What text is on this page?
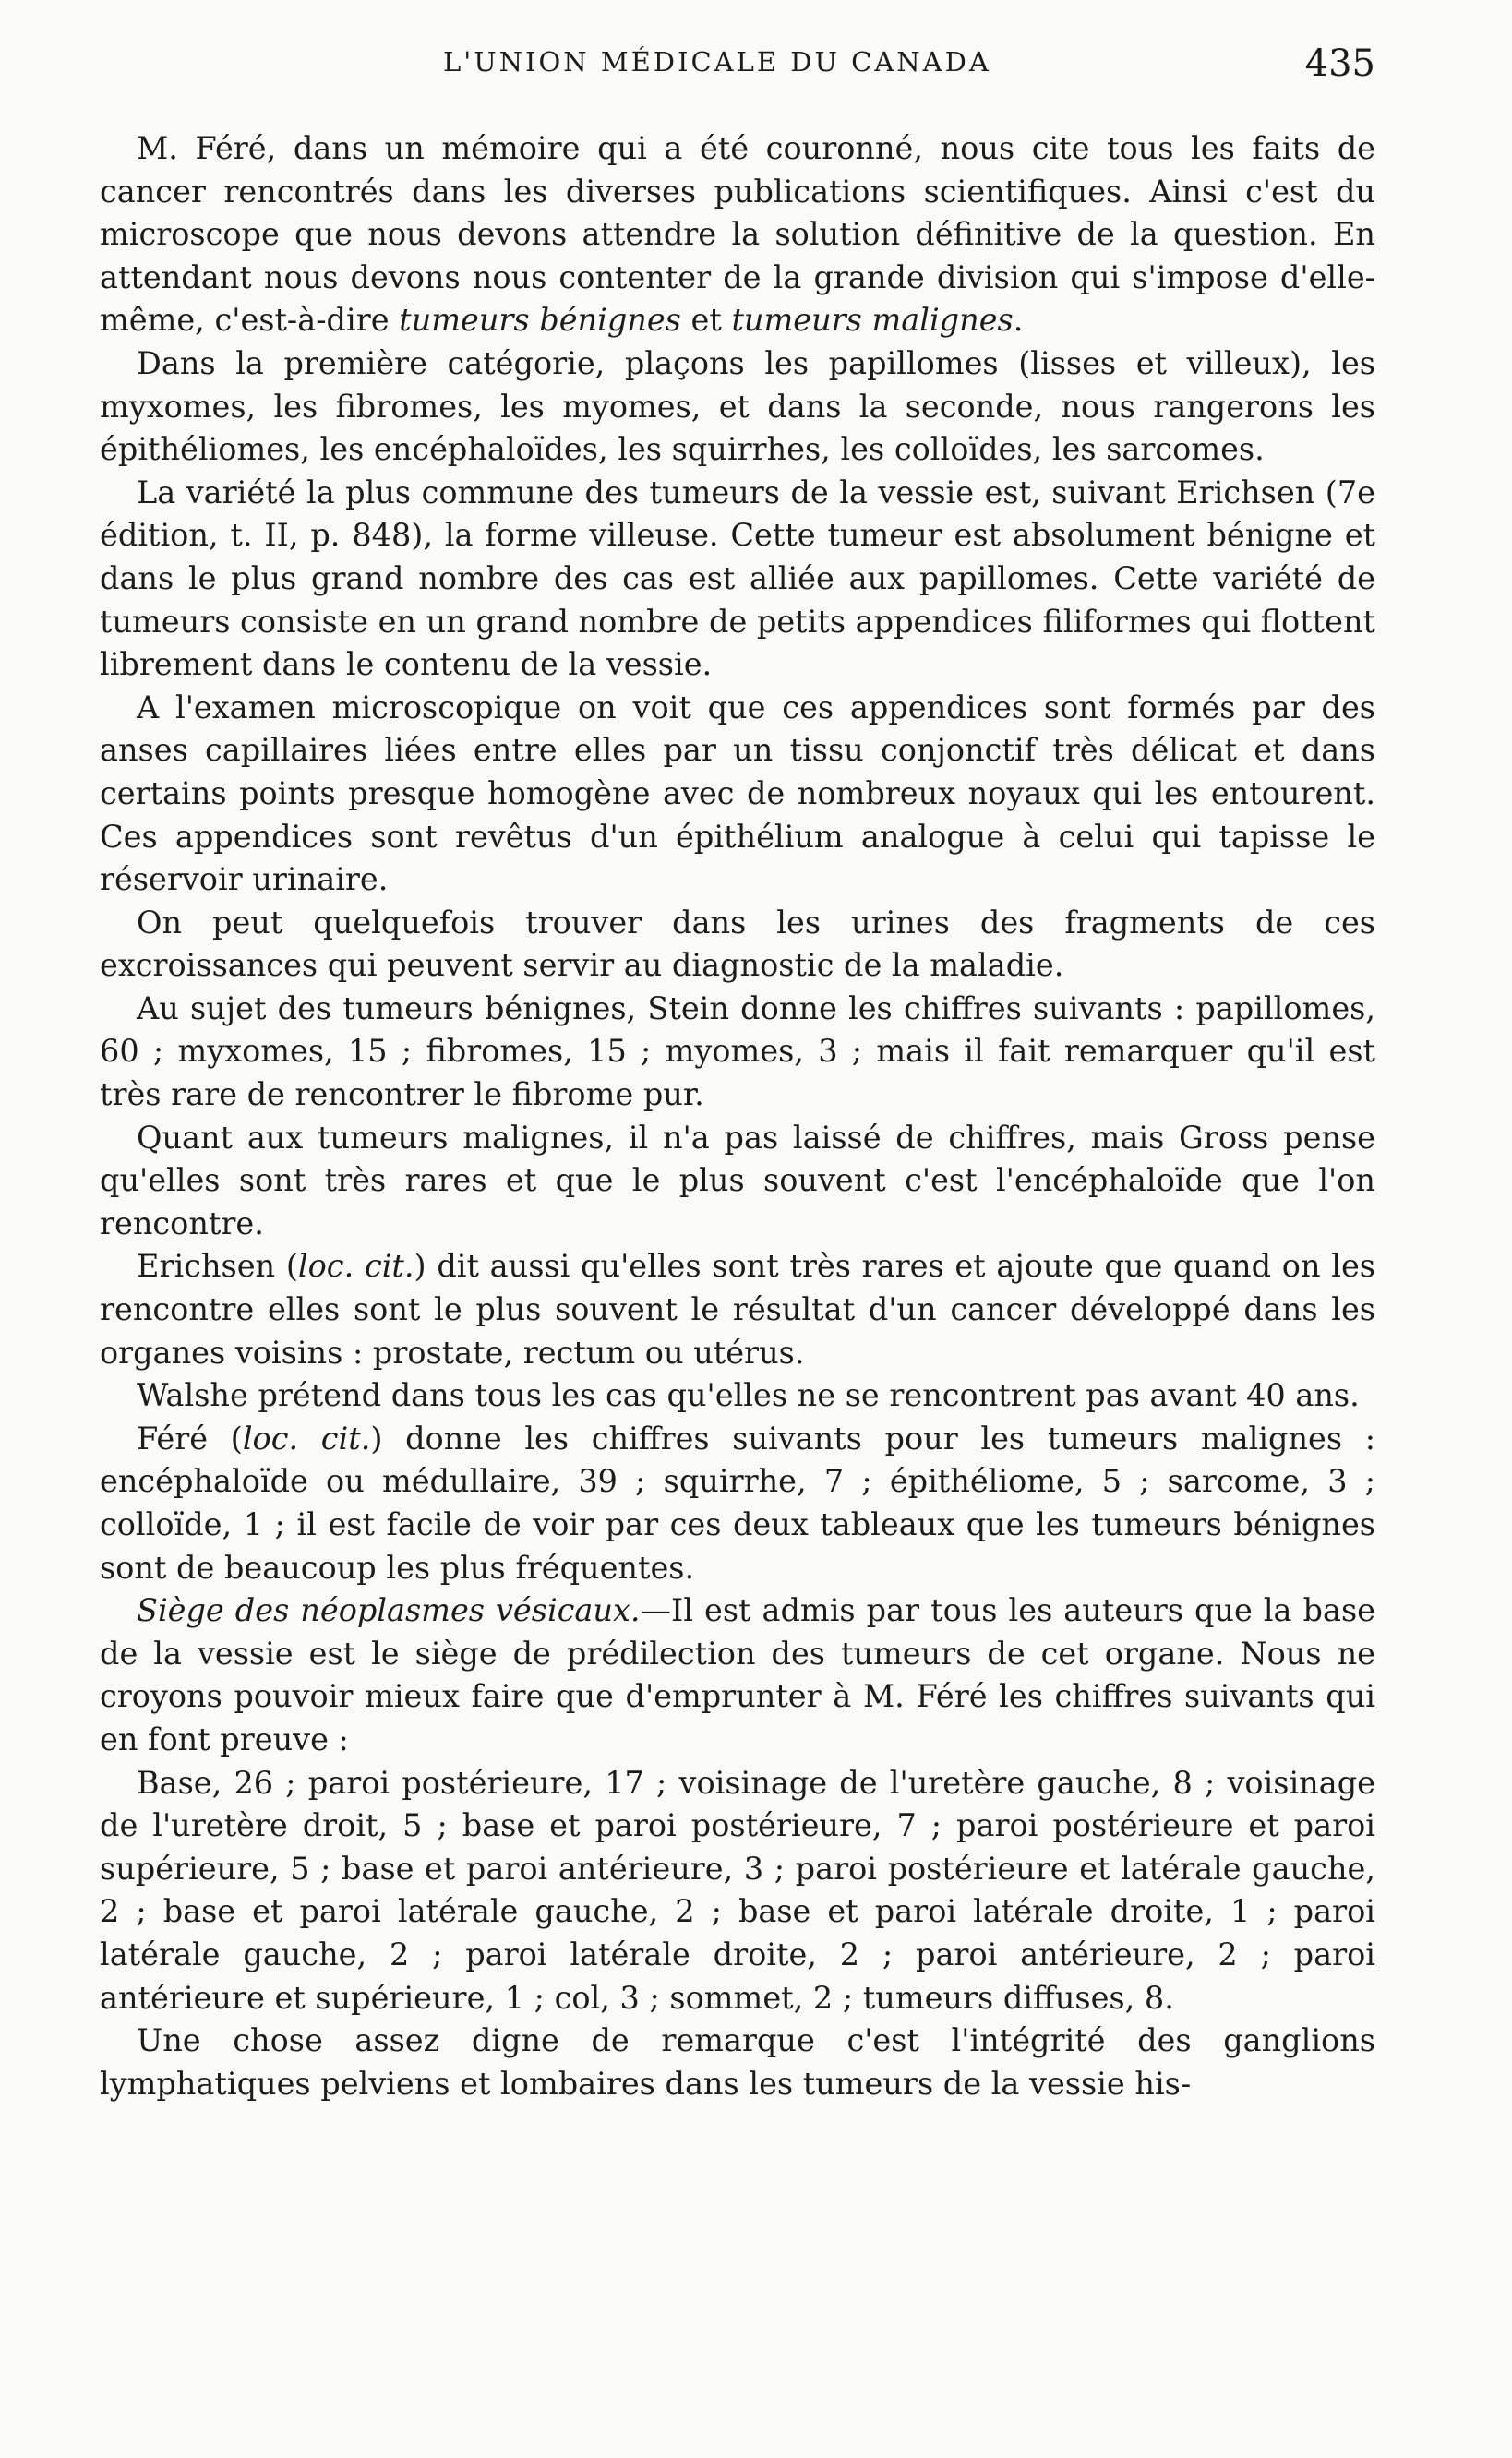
L'UNION MÉDICALE DU CANADA	435

M. Féré, dans un mémoire qui a été couronné, nous cite tous les faits de cancer rencontrés dans les diverses publications scientifiques. Ainsi c'est du microscope que nous devons attendre la solution définitive de la question. En attendant nous devons nous contenter de la grande division qui s'impose d'elle-même, c'est-à-dire tumeurs bénignes et tumeurs malignes.

Dans la première catégorie, plaçons les papillomes (lisses et villeux), les myxomes, les fibromes, les myomes, et dans la seconde, nous rangerons les épithéliomes, les encéphaloïdes, les squirrhes, les colloïdes, les sarcomes.

La variété la plus commune des tumeurs de la vessie est, suivant Erichsen (7e édition, t. II, p. 848), la forme villeuse. Cette tumeur est absolument bénigne et dans le plus grand nombre des cas est alliée aux papillomes. Cette variété de tumeurs consiste en un grand nombre de petits appendices filiformes qui flottent librement dans le contenu de la vessie.

A l'examen microscopique on voit que ces appendices sont formés par des anses capillaires liées entre elles par un tissu conjonctif très délicat et dans certains points presque homogène avec de nombreux noyaux qui les entourent. Ces appendices sont revêtus d'un épithélium analogue à celui qui tapisse le réservoir urinaire.

On peut quelquefois trouver dans les urines des fragments de ces excroissances qui peuvent servir au diagnostic de la maladie.

Au sujet des tumeurs bénignes, Stein donne les chiffres suivants : papillomes, 60 ; myxomes, 15 ; fibromes, 15 ; myomes, 3 ; mais il fait remarquer qu'il est très rare de rencontrer le fibrome pur.

Quant aux tumeurs malignes, il n'a pas laissé de chiffres, mais Gross pense qu'elles sont très rares et que le plus souvent c'est l'encéphaloïde que l'on rencontre.

Erichsen (loc. cit.) dit aussi qu'elles sont très rares et ajoute que quand on les rencontre elles sont le plus souvent le résultat d'un cancer développé dans les organes voisins : prostate, rectum ou utérus.

Walshe prétend dans tous les cas qu'elles ne se rencontrent pas avant 40 ans.

Féré (loc. cit.) donne les chiffres suivants pour les tumeurs malignes : encéphaloïde ou médullaire, 39 ; squirrhe, 7 ; épithéliome, 5 ; sarcome, 3 ; colloïde, 1 ; il est facile de voir par ces deux tableaux que les tumeurs bénignes sont de beaucoup les plus fréquentes.

Siège des néoplasmes vésicaux.—Il est admis par tous les auteurs que la base de la vessie est le siège de prédilection des tumeurs de cet organe. Nous ne croyons pouvoir mieux faire que d'emprunter à M. Féré les chiffres suivants qui en font preuve :

Base, 26 ; paroi postérieure, 17 ; voisinage de l'uretère gauche, 8 ; voisinage de l'uretère droit, 5 ; base et paroi postérieure, 7 ; paroi postérieure et paroi supérieure, 5 ; base et paroi antérieure, 3 ; paroi postérieure et latérale gauche, 2 ; base et paroi latérale gauche, 2 ; base et paroi latérale droite, 1 ; paroi latérale gauche, 2 ; paroi latérale droite, 2 ; paroi antérieure, 2 ; paroi antérieure et supérieure, 1 ; col, 3 ; sommet, 2 ; tumeurs diffuses, 8.

Une chose assez digne de remarque c'est l'intégrité des ganglions lymphatiques pelviens et lombaires dans les tumeurs de la vessie his-
